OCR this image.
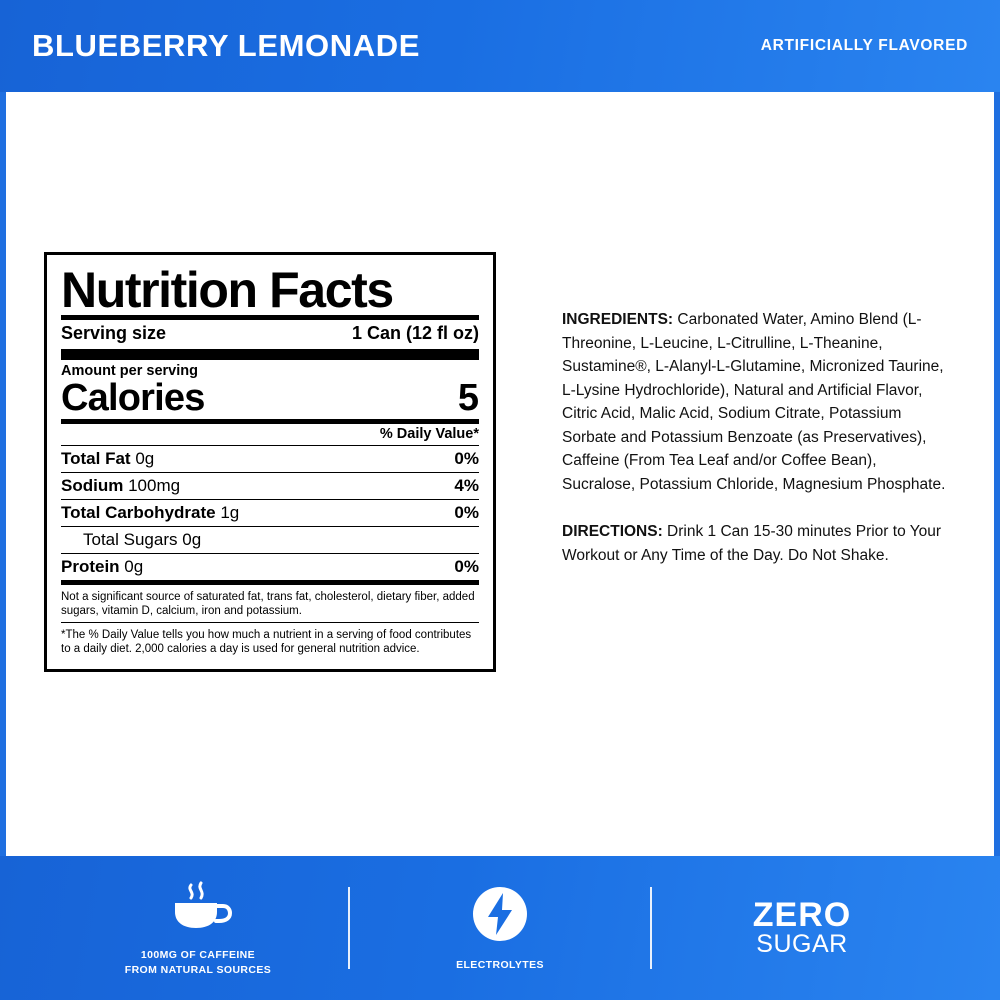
BLUEBERRY LEMONADE	ARTIFICIALLY FLAVORED
Nutrition Facts
Serving size	1 Can (12 fl oz)
Amount per serving
Calories	5
% Daily Value*
Total Fat 0g	0%
Sodium 100mg	4%
Total Carbohydrate 1g	0%
Total Sugars 0g
Protein 0g	0%
Not a significant source of saturated fat, trans fat, cholesterol, dietary fiber, added sugars, vitamin D, calcium, iron and potassium.
*The % Daily Value tells you how much a nutrient in a serving of food contributes to a daily diet. 2,000 calories a day is used for general nutrition advice.
INGREDIENTS: Carbonated Water, Amino Blend (L-Threonine, L-Leucine, L-Citrulline, L-Theanine, Sustamine®, L-Alanyl-L-Glutamine, Micronized Taurine, L-Lysine Hydrochloride), Natural and Artificial Flavor, Citric Acid, Malic Acid, Sodium Citrate, Potassium Sorbate and Potassium Benzoate (as Preservatives), Caffeine (From Tea Leaf and/or Coffee Bean), Sucralose, Potassium Chloride, Magnesium Phosphate.
DIRECTIONS: Drink 1 Can 15-30 minutes Prior to Your Workout or Any Time of the Day. Do Not Shake.
100MG OF CAFFEINE
FROM NATURAL SOURCES	ELECTROLYTES
ZERO
SUGAR
